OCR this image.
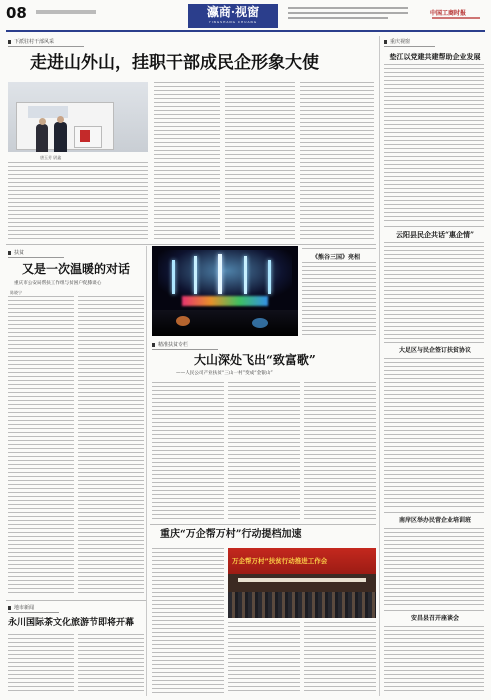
08	瀛商·视窗
YINGSHANG CHUANG
中国工商时报
下派驻村干部风采
走进山外山，挂职干部成民企形象大使
唐玉芳 尉鑫
扶贫
又是一次温暖的对话
重庆市公安局帮扶工作组与贫困户促膝谈心
陈晓宁
地市新闻
永川国际茶文化旅游节即将开幕
《熊谷三国》亮相
精准扶贫专栏
大山深处飞出“致富歌”
——人民公司产业扶贫“三山一村”变成“金银山”
重庆“万企帮万村”行动提档加速
万企帮万村”扶贫行动推进工作会
重庆视窗
垫江以党建共建帮助企业发展
云阳县民企共话“惠企情”
大足区与民企签订扶贫协议
南岸区举办民营企业培训班
安昌县召开座谈会
